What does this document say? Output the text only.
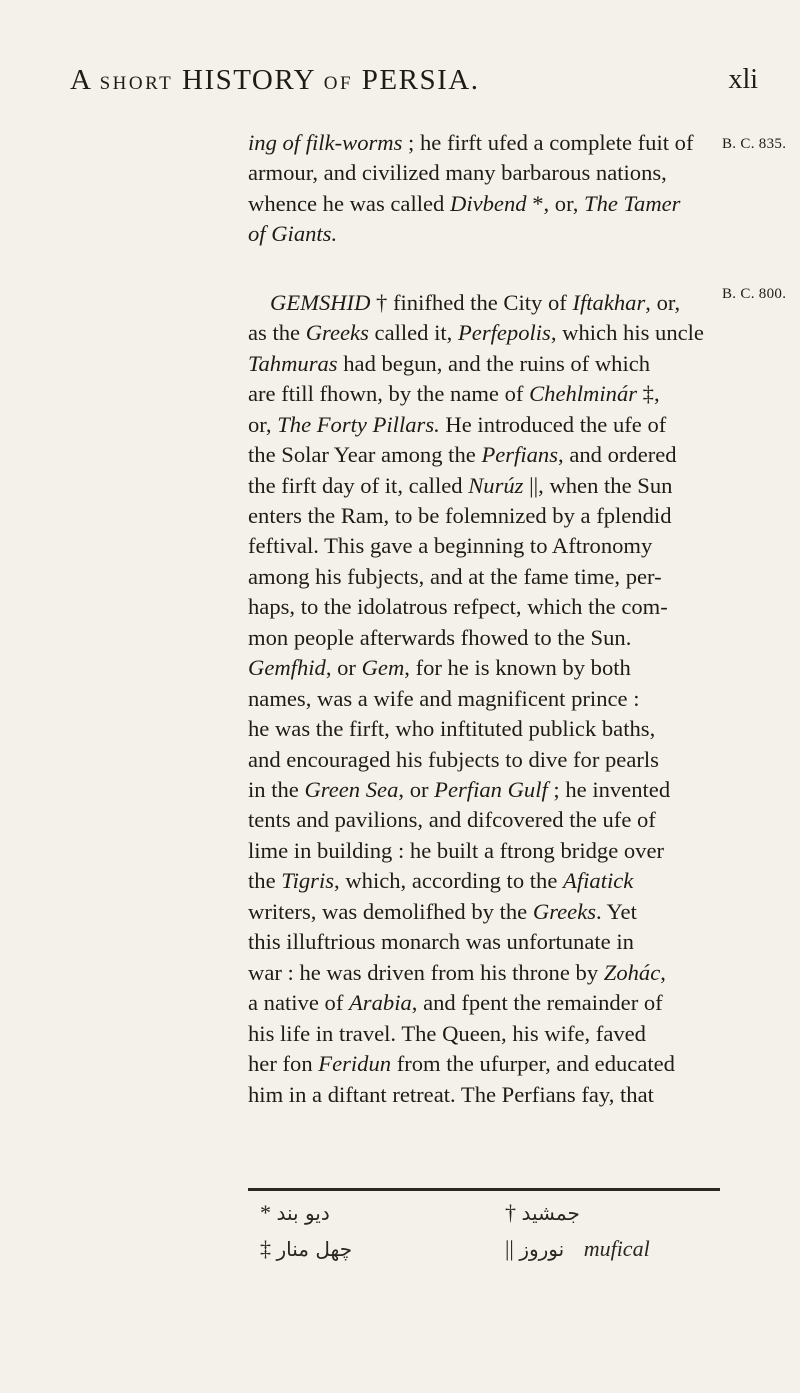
A SHORT HISTORY OF PERSIA.	xli
B. C. 835.
B. C. 800.
ing of filk-worms ; he firft ufed a complete fuit of
armour, and civilized many barbarous nations,
whence he was called Divbend *, or, The Tamer
of Giants.
GEMSHID † finifhed the City of Iftakhar, or,
as the Greeks called it, Perfepolis, which his uncle
Tahmuras had begun, and the ruins of which
are ftill fhown, by the name of Chehlminár ‡,
or, The Forty Pillars. He introduced the ufe of
the Solar Year among the Perfians, and ordered
the firft day of it, called Nurúz ||, when the Sun
enters the Ram, to be folemnized by a fplendid
feftival. This gave a beginning to Aftronomy
among his fubjects, and at the fame time, per-
haps, to the idolatrous refpect, which the com-
mon people afterwards fhowed to the Sun.
Gemfhid, or Gem, for he is known by both
names, was a wife and magnificent prince :
he was the firft, who inftituted publick baths,
and encouraged his fubjects to dive for pearls
in the Green Sea, or Perfian Gulf ; he invented
tents and pavilions, and difcovered the ufe of
lime in building : he built a ftrong bridge over
the Tigris, which, according to the Afiatick
writers, was demolifhed by the Greeks. Yet
this illuftrious monarch was unfortunate in
war : he was driven from his throne by Zohác,
a native of Arabia, and fpent the remainder of
his life in travel. The Queen, his wife, faved
her fon Feridun from the ufurper, and educated
him in a diftant retreat. The Perfians fay, that
* دیو بند
‡ چهل منار
† جمشید
|| نوروز mufical
